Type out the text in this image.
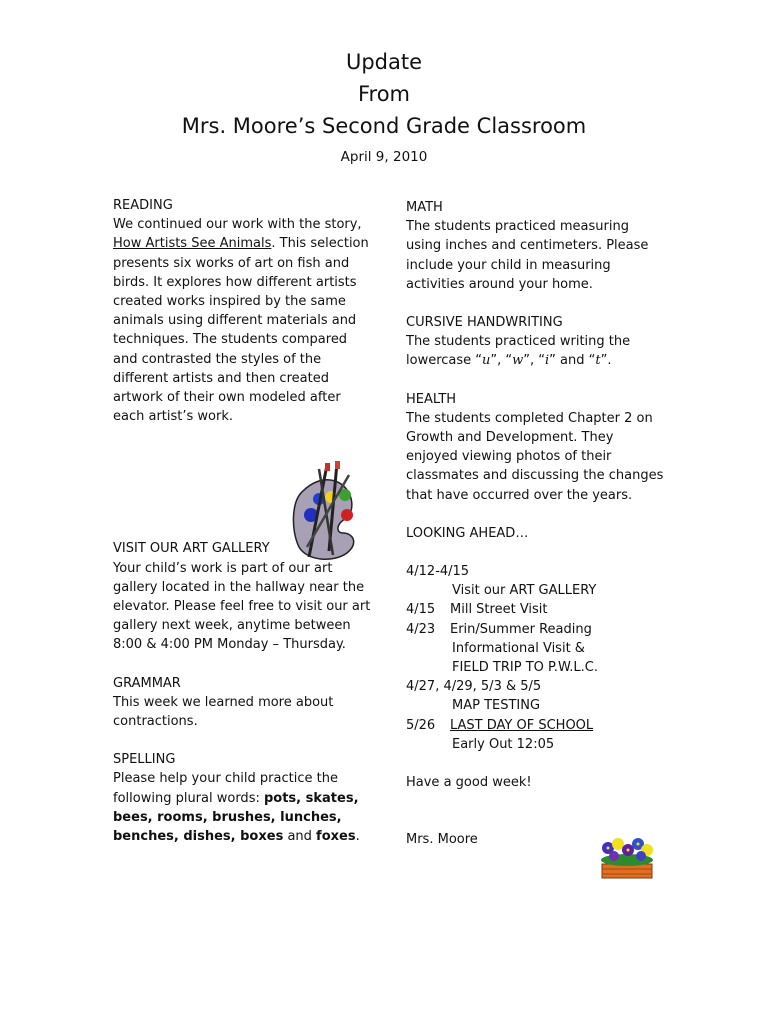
Update
From
Mrs. Moore’s Second Grade Classroom
April 9, 2010
READING

We continued our work with the story, How Artists See Animals. This selection presents six works of art on fish and birds. It explores how different artists created works inspired by the same animals using different materials and techniques. The students compared and contrasted the styles of the different artists and then created artwork of their own modeled after each artist’s work.

VISIT OUR ART GALLERY

Your child’s work is part of our art gallery located in the hallway near the elevator. Please feel free to visit our art gallery next week, anytime between 8:00 & 4:00 PM Monday – Thursday.

GRAMMAR

This week we learned more about contractions.

SPELLING

Please help your child practice the following plural words: pots, skates, bees, rooms, brushes, lunches, benches, dishes, boxes and foxes.

MATH

The students practiced measuring using inches and centimeters. Please include your child in measuring activities around your home.

CURSIVE HANDWRITING

The students practiced writing the lowercase “u”, “w”, “i” and “t”.

HEALTH

The students completed Chapter 2 on Growth and Development. They enjoyed viewing photos of their classmates and discussing the changes that have occurred over the years.

LOOKING AHEAD…
4/12-4/15
Visit our ART GALLERY
4/15	Mill Street Visit
4/23	Erin/Summer Reading
Informational Visit &
FIELD TRIP TO P.W.L.C.
4/27, 4/29, 5/3 & 5/5
MAP TESTING
5/26	LAST DAY OF SCHOOL
Early Out 12:05
Have a good week!
Mrs. Moore
